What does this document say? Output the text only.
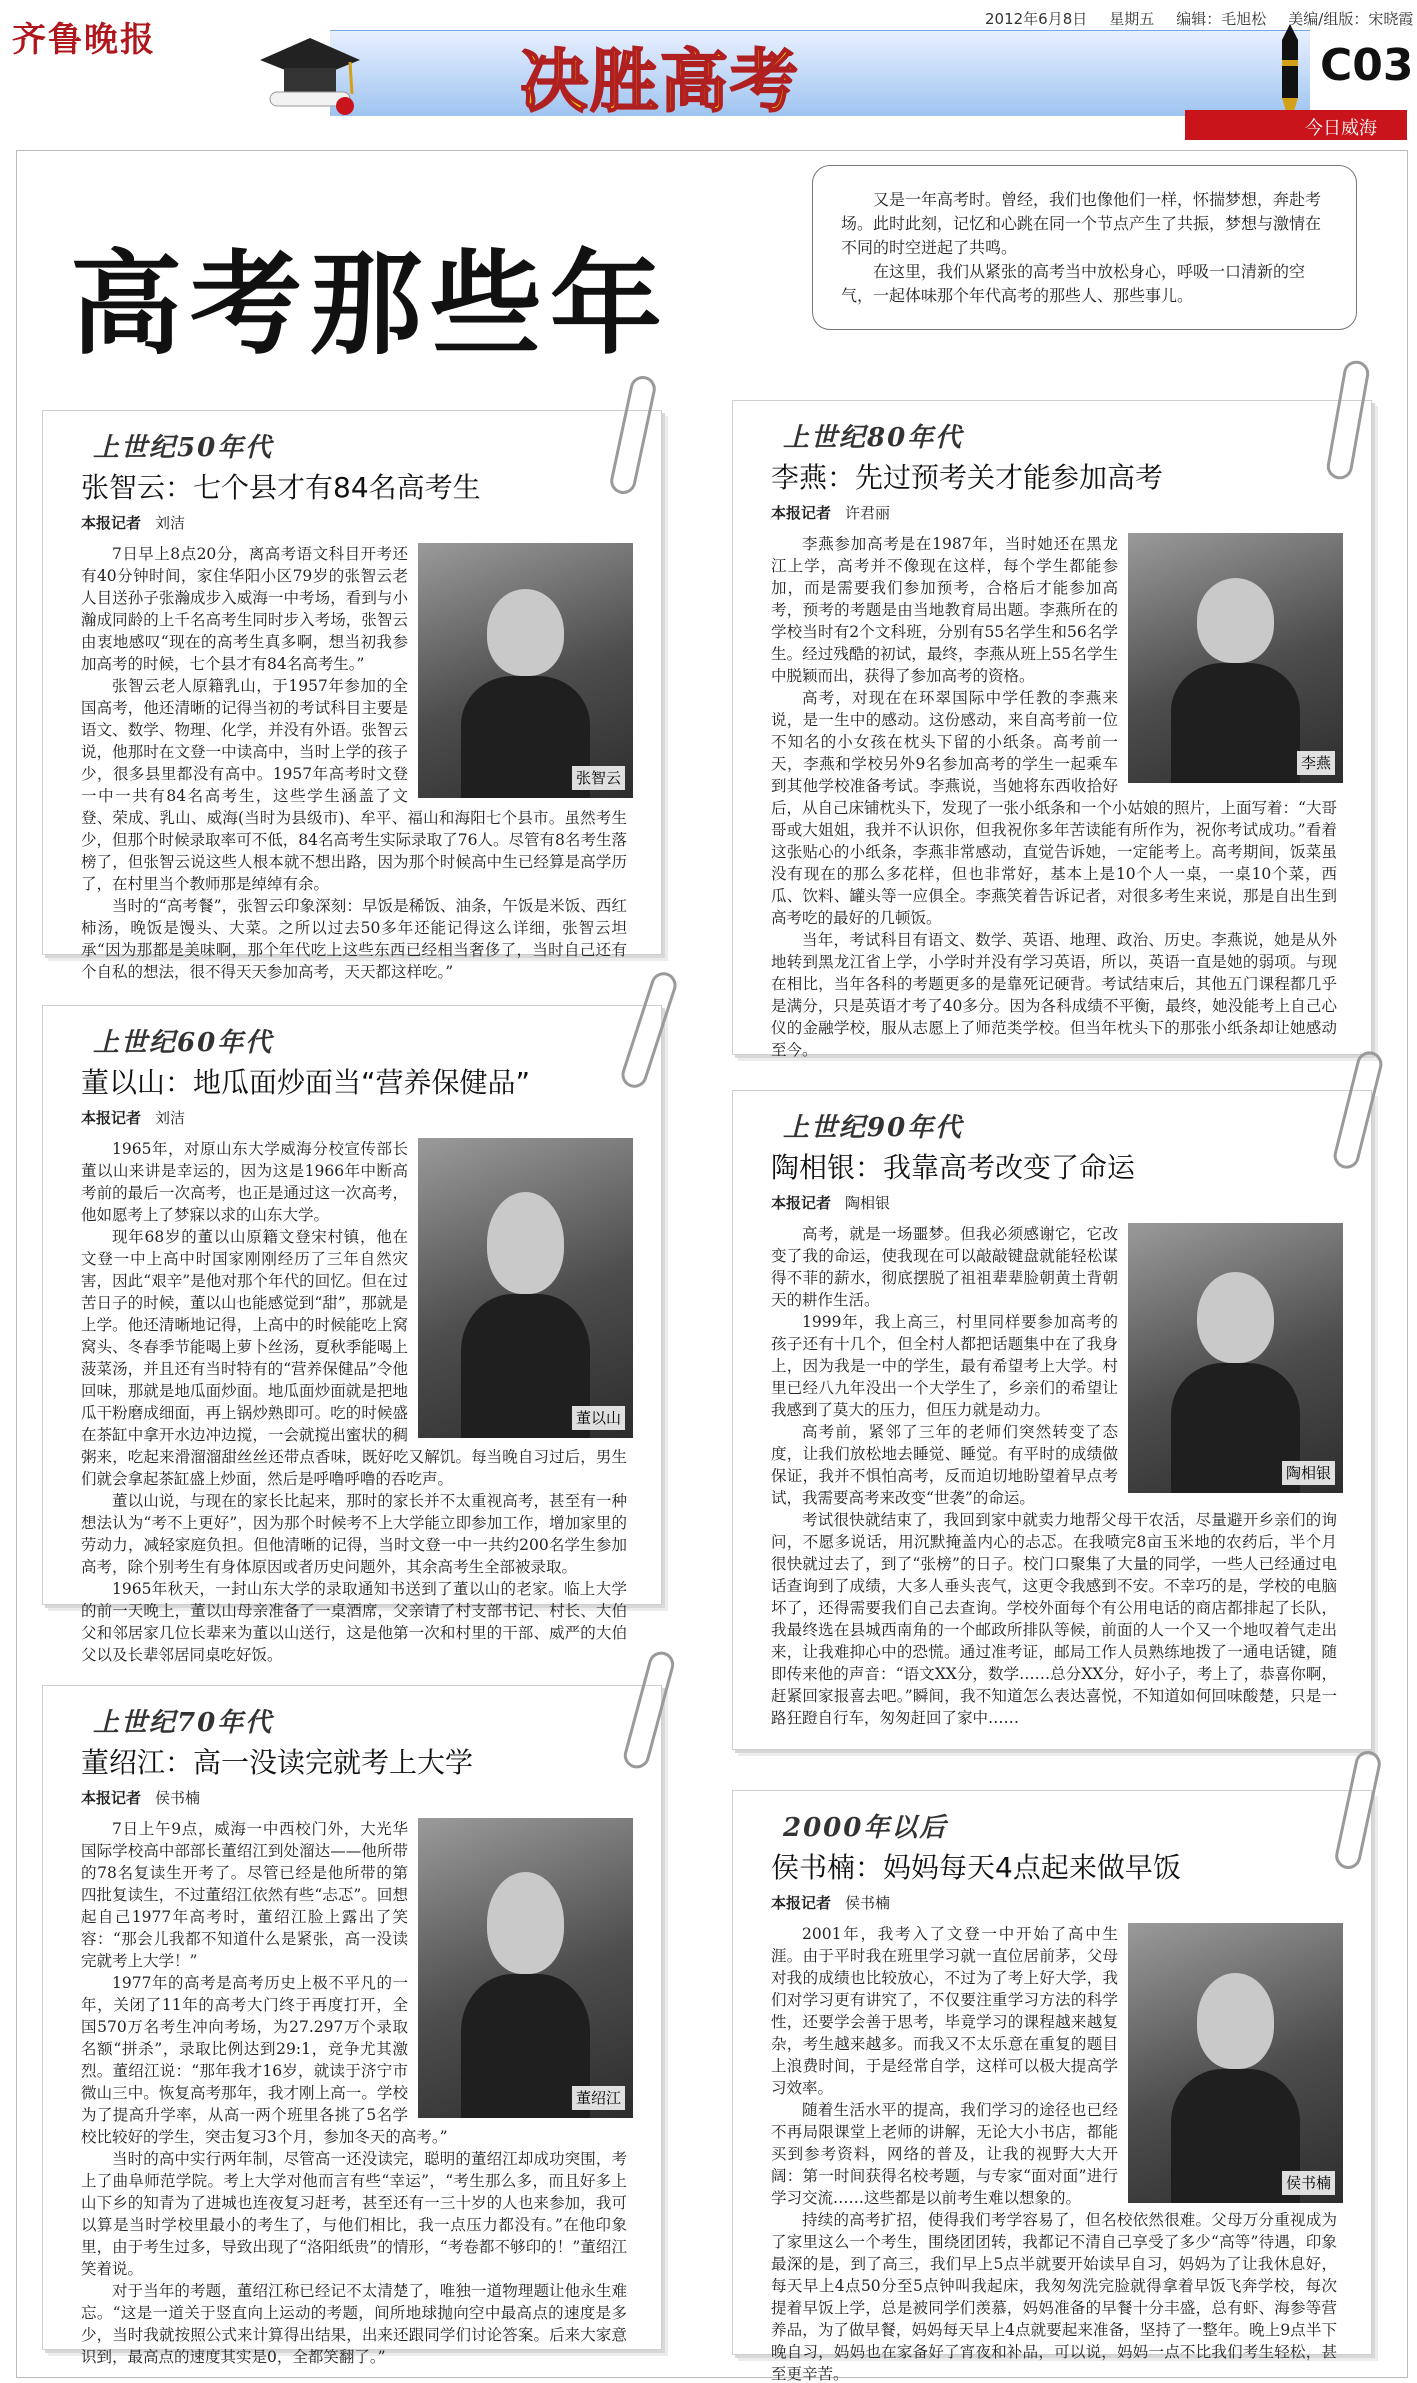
齐鲁晚报
决胜高考
2012年6月8日 星期五 编辑：毛旭松 美编/组版：宋晓霞
C03
今日威海
高考那些年

又是一年高考时。曾经，我们也像他们一样，怀揣梦想，奔赴考场。此时此刻，记忆和心跳在同一个节点产生了共振，梦想与激情在不同的时空迸起了共鸣。

在这里，我们从紧张的高考当中放松身心，呼吸一口清新的空气，一起体味那个年代高考的那些人、那些事儿。

上世纪50年代
张智云：七个县才有84名高考生
本报记者 刘洁
张智云

7日早上8点20分，离高考语文科目开考还有40分钟时间，家住华阳小区79岁的张智云老人目送孙子张瀚成步入威海一中考场，看到与小瀚成同龄的上千名高考生同时步入考场，张智云由衷地感叹“现在的高考生真多啊，想当初我参加高考的时候，七个县才有84名高考生。”

张智云老人原籍乳山，于1957年参加的全国高考，他还清晰的记得当初的考试科目主要是语文、数学、物理、化学，并没有外语。张智云说，他那时在文登一中读高中，当时上学的孩子少，很多县里都没有高中。1957年高考时文登一中一共有84名高考生，这些学生涵盖了文登、荣成、乳山、威海(当时为县级市)、牟平、福山和海阳七个县市。虽然考生少，但那个时候录取率可不低，84名高考生实际录取了76人。尽管有8名考生落榜了，但张智云说这些人根本就不想出路，因为那个时候高中生已经算是高学历了，在村里当个教师那是绰绰有余。

当时的“高考餐”，张智云印象深刻：早饭是稀饭、油条，午饭是米饭、西红柿汤，晚饭是馒头、大菜。之所以过去50多年还能记得这么详细，张智云坦承“因为那都是美味啊，那个年代吃上这些东西已经相当奢侈了，当时自己还有个自私的想法，很不得天天参加高考，天天都这样吃。”

上世纪60年代
董以山：地瓜面炒面当“营养保健品”
本报记者 刘洁
董以山

1965年，对原山东大学威海分校宣传部长董以山来讲是幸运的，因为这是1966年中断高考前的最后一次高考，也正是通过这一次高考，他如愿考上了梦寐以求的山东大学。

现年68岁的董以山原籍文登宋村镇，他在文登一中上高中时国家刚刚经历了三年自然灾害，因此“艰辛”是他对那个年代的回忆。但在过苦日子的时候，董以山也能感觉到“甜”，那就是上学。他还清晰地记得，上高中的时候能吃上窝窝头、冬春季节能喝上萝卜丝汤，夏秋季能喝上菠菜汤，并且还有当时特有的“营养保健品”令他回味，那就是地瓜面炒面。地瓜面炒面就是把地瓜干粉磨成细面，再上锅炒熟即可。吃的时候盛在茶缸中拿开水边冲边搅，一会就搅出蜜状的稠粥来，吃起来滑溜溜甜丝丝还带点香味，既好吃又解饥。每当晚自习过后，男生们就会拿起茶缸盛上炒面，然后是呼噜呼噜的吞吃声。

董以山说，与现在的家长比起来，那时的家长并不太重视高考，甚至有一种想法认为“考不上更好”，因为那个时候考不上大学能立即参加工作，增加家里的劳动力，减轻家庭负担。但他清晰的记得，当时文登一中一共约200名学生参加高考，除个别考生有身体原因或者历史问题外，其余高考生全部被录取。

1965年秋天，一封山东大学的录取通知书送到了董以山的老家。临上大学的前一天晚上，董以山母亲准备了一桌酒席，父亲请了村支部书记、村长、大伯父和邻居家几位长辈来为董以山送行，这是他第一次和村里的干部、威严的大伯父以及长辈邻居同桌吃好饭。

上世纪70年代
董绍江：高一没读完就考上大学
本报记者 侯书楠
董绍江

7日上午9点，威海一中西校门外，大光华国际学校高中部部长董绍江到处溜达——他所带的78名复读生开考了。尽管已经是他所带的第四批复读生，不过董绍江依然有些“忐忑”。回想起自己1977年高考时，董绍江脸上露出了笑容：“那会儿我都不知道什么是紧张，高一没读完就考上大学！”

1977年的高考是高考历史上极不平凡的一年，关闭了11年的高考大门终于再度打开，全国570万名考生冲向考场，为27.297万个录取名额“拼杀”，录取比例达到29:1，竞争尤其激烈。董绍江说：“那年我才16岁，就读于济宁市微山三中。恢复高考那年，我才刚上高一。学校为了提高升学率，从高一两个班里各挑了5名学校比较好的学生，突击复习3个月，参加冬天的高考。”

当时的高中实行两年制，尽管高一还没读完，聪明的董绍江却成功突围，考上了曲阜师范学院。考上大学对他而言有些“幸运”，“考生那么多，而且好多上山下乡的知青为了进城也连夜复习赶考，甚至还有一三十岁的人也来参加，我可以算是当时学校里最小的考生了，与他们相比，我一点压力都没有。”在他印象里，由于考生过多，导致出现了“洛阳纸贵”的情形，“考卷都不够印的！”董绍江笑着说。

对于当年的考题，董绍江称已经记不太清楚了，唯独一道物理题让他永生难忘。“这是一道关于竖直向上运动的考题，间所地球抛向空中最高点的速度是多少，当时我就按照公式来计算得出结果，出来还跟同学们讨论答案。后来大家意识到，最高点的速度其实是0，全都笑翻了。”

上世纪80年代
李燕：先过预考关才能参加高考
本报记者 许君丽
李燕

李燕参加高考是在1987年，当时她还在黑龙江上学，高考并不像现在这样，每个学生都能参加，而是需要我们参加预考，合格后才能参加高考，预考的考题是由当地教育局出题。李燕所在的学校当时有2个文科班，分别有55名学生和56名学生。经过残酷的初试，最终，李燕从班上55名学生中脱颖而出，获得了参加高考的资格。

高考，对现在在环翠国际中学任教的李燕来说，是一生中的感动。这份感动，来自高考前一位不知名的小女孩在枕头下留的小纸条。高考前一天，李燕和学校另外9名参加高考的学生一起乘车到其他学校准备考试。李燕说，当她将东西收拾好后，从自己床铺枕头下，发现了一张小纸条和一个小姑娘的照片，上面写着：“大哥哥或大姐姐，我并不认识你，但我祝你多年苦读能有所作为，祝你考试成功。”看着这张贴心的小纸条，李燕非常感动，直觉告诉她，一定能考上。高考期间，饭菜虽没有现在的那么多花样，但也非常好，基本上是10个人一桌，一桌10个菜，西瓜、饮料、罐头等一应俱全。李燕笑着告诉记者，对很多考生来说，那是自出生到高考吃的最好的几顿饭。

当年，考试科目有语文、数学、英语、地理、政治、历史。李燕说，她是从外地转到黑龙江省上学，小学时并没有学习英语，所以，英语一直是她的弱项。与现在相比，当年各科的考题更多的是靠死记硬背。考试结束后，其他五门课程都几乎是满分，只是英语才考了40多分。因为各科成绩不平衡，最终，她没能考上自己心仪的金融学校，服从志愿上了师范类学校。但当年枕头下的那张小纸条却让她感动至今。

上世纪90年代
陶相银：我靠高考改变了命运
本报记者 陶相银
陶相银

高考，就是一场噩梦。但我必须感谢它，它改变了我的命运，使我现在可以敲敲键盘就能轻松谋得不菲的薪水，彻底摆脱了祖祖辈辈脸朝黄土背朝天的耕作生活。

1999年，我上高三，村里同样要参加高考的孩子还有十几个，但全村人都把话题集中在了我身上，因为我是一中的学生，最有希望考上大学。村里已经八九年没出一个大学生了，乡亲们的希望让我感到了莫大的压力，但压力就是动力。

高考前，紧邻了三年的老师们突然转变了态度，让我们放松地去睡觉、睡觉。有平时的成绩做保证，我并不惧怕高考，反而迫切地盼望着早点考试，我需要高考来改变“世袭”的命运。

考试很快就结束了，我回到家中就卖力地帮父母干农活，尽量避开乡亲们的询问，不愿多说话，用沉默掩盖内心的忐忑。在我喷完8亩玉米地的农药后，半个月很快就过去了，到了“张榜”的日子。校门口聚集了大量的同学，一些人已经通过电话查询到了成绩，大多人垂头丧气，这更令我感到不安。不幸巧的是，学校的电脑坏了，还得需要我们自己去查询。学校外面每个有公用电话的商店都排起了长队，我最终选在县城西南角的一个邮政所排队等候，前面的人一个又一个地叹着气走出来，让我难抑心中的恐慌。通过准考证，邮局工作人员熟练地拨了一通电话键，随即传来他的声音：“语文XX分，数学……总分XX分，好小子，考上了，恭喜你啊，赶紧回家报喜去吧。”瞬间，我不知道怎么表达喜悦，不知道如何回味酸楚，只是一路狂蹬自行车，匆匆赶回了家中……

2000年以后
侯书楠：妈妈每天4点起来做早饭
本报记者 侯书楠
侯书楠

2001年，我考入了文登一中开始了高中生涯。由于平时我在班里学习就一直位居前茅，父母对我的成绩也比较放心，不过为了考上好大学，我们对学习更有讲究了，不仅要注重学习方法的科学性，还要学会善于思考，毕竟学习的课程越来越复杂，考生越来越多。而我又不太乐意在重复的题目上浪费时间，于是经常自学，这样可以极大提高学习效率。

随着生活水平的提高，我们学习的途径也已经不再局限课堂上老师的讲解，无论大小书店，都能买到参考资料，网络的普及，让我的视野大大开阔：第一时间获得名校考题，与专家“面对面”进行学习交流……这些都是以前考生难以想象的。

持续的高考扩招，使得我们考学容易了，但名校依然很难。父母万分重视成为了家里这么一个考生，围绕团团转，我都记不清自己享受了多少“高等”待遇，印象最深的是，到了高三，我们早上5点半就要开始读早自习，妈妈为了让我休息好，每天早上4点50分至5点钟叫我起床，我匆匆洗完脸就得拿着早饭飞奔学校，每次提着早饭上学，总是被同学们羡慕，妈妈准备的早餐十分丰盛，总有虾、海参等营养品，为了做早餐，妈妈每天早上4点就要起来准备，坚持了一整年。晚上9点半下晚自习，妈妈也在家备好了宵夜和补品，可以说，妈妈一点不比我们考生轻松，甚至更辛苦。
